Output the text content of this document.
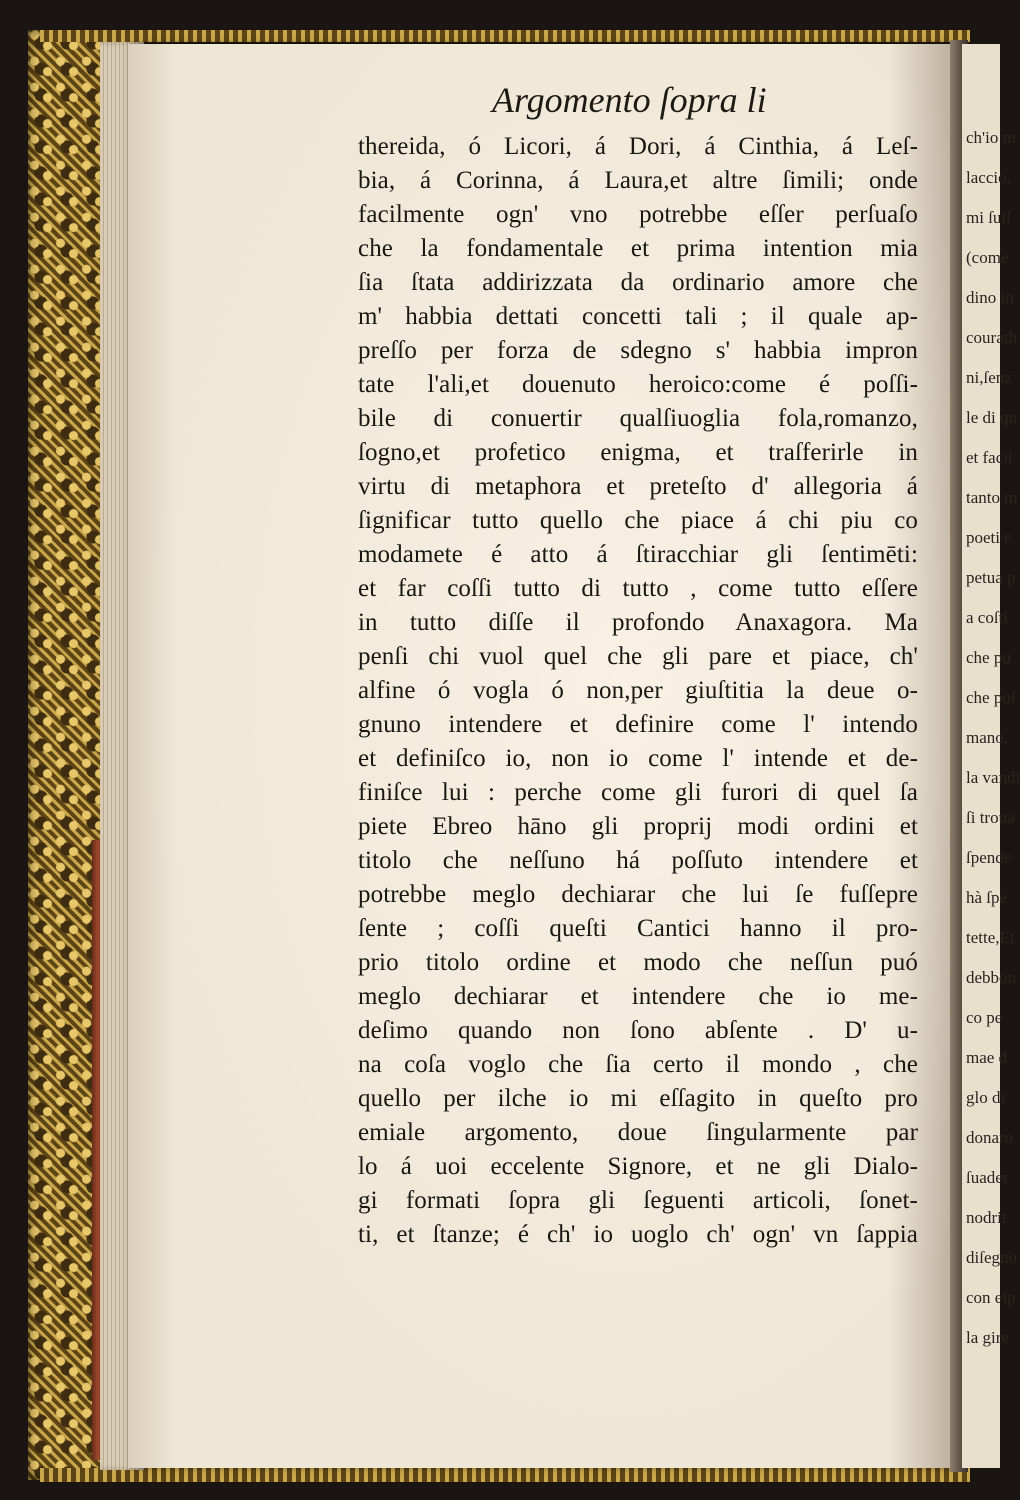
Argomento ſopra li
thereida, ó Licori, á Dori, á Cinthia, á Leſ-
bia, á Corinna, á Laura,et altre ſimili; onde
facilmente ogn' vno potrebbe eſſer perſuaſo
che la fondamentale et prima intention mia
ſia ſtata addirizzata da ordinario amore che
m' habbia dettati concetti tali ; il quale ap-
preſſo per forza de sdegno s' habbia impron
tate l'ali,et douenuto heroico:come é poſſi-
bile di conuertir qualſiuoglia fola,romanzo,
ſogno,et profetico enigma, et traſferirle in
virtu di metaphora et preteſto d' allegoria á
ſignificar tutto quello che piace á chi piu co
modamete é atto á ſtiracchiar gli ſentimēti:
et far coſſi tutto di tutto , come tutto eſſere
in tutto diſſe il profondo Anaxagora. Ma
penſi chi vuol quel che gli pare et piace, ch'
alfine ó vogla ó non,per giuſtitia la deue o-
gnuno intendere et definire come l' intendo
et definiſco io, non io come l' intende et de-
finiſce lui : perche come gli furori di quel ſa
piete Ebreo hāno gli proprij modi ordini et
titolo che neſſuno há poſſuto intendere et
potrebbe meglo dechiarar che lui ſe fuſſepre
ſente ; coſſi queſti Cantici hanno il pro-
prio titolo ordine et modo che neſſun puó
meglo dechiarar et intendere che io me-
deſimo quando non ſono abſente . D' u-
na coſa voglo che ſia certo il mondo , che
quello per ilche io mi eſſagito in queſto pro
emiale argomento, doue ſingularmente par
lo á uoi eccelente Signore, et ne gli Dialo-
gi formati ſopra gli ſeguenti articoli, ſonet-
ti, et ſtanze; é ch' io uoglo ch' ogn' vn ſappia
ch'io m
laccio,
mi ſuſſ
(come
dino in
courath
ni,ſenz
le di qu
et facil
tanto m
poeti e
petua p
a coſti
che pu
che poſ
mano,
la vandi
ſi troua
ſpende
hà ſpe
tette,Et
debbon
co pe
mae d
glo di
donaro
ſuader
nodrit
diſegno
con eſp
la gire
